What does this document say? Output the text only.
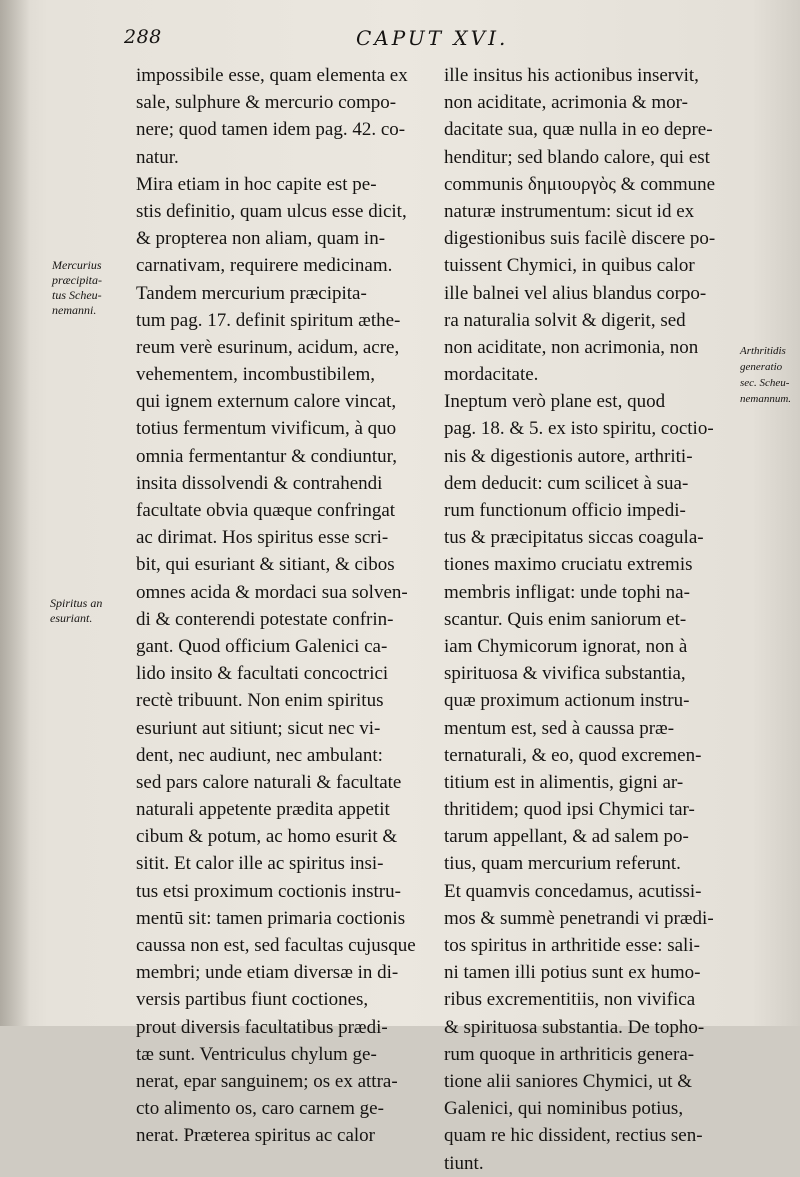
288	CAPUT XVI.
Mercurius
præcipita-
tus Scheu-
nemanni.
Spiritus an
esuriant.
Arthritidis
generatio
sec. Scheu-
nemannum.
impossibile esse, quam elementa ex
sale, sulphure & mercurio compo-
nere; quod tamen idem pag. 42. co-
natur.
Mira etiam in hoc capite est pe-
stis definitio, quam ulcus esse dicit,
& propterea non aliam, quam in-
carnativam, requirere medicinam.
Tandem mercurium præcipita-
tum pag. 17. definit spiritum æthe-
reum verè esurinum, acidum, acre,
vehementem, incombustibilem,
qui ignem externum calore vincat,
totius fermentum vivificum, à quo
omnia fermentantur & condiuntur,
insita dissolvendi & contrahendi
facultate obvia quæque confringat
ac dirimat. Hos spiritus esse scri-
bit, qui esuriant & sitiant, & cibos
omnes acida & mordaci sua solven-
di & conterendi potestate confrin-
gant. Quod officium Galenici ca-
lido insito & facultati concoctrici
rectè tribuunt. Non enim spiritus
esuriunt aut sitiunt; sicut nec vi-
dent, nec audiunt, nec ambulant:
sed pars calore naturali & facultate
naturali appetente prædita appetit
cibum & potum, ac homo esurit &
sitit. Et calor ille ac spiritus insi-
tus etsi proximum coctionis instru-
mentū sit: tamen primaria coctionis
caussa non est, sed facultas cujusque
membri; unde etiam diversæ in di-
versis partibus fiunt coctiones,
prout diversis facultatibus prædi-
tæ sunt. Ventriculus chylum ge-
nerat, epar sanguinem; os ex attra-
cto alimento os, caro carnem ge-
nerat. Præterea spiritus ac calor
ille insitus his actionibus inservit,
non aciditate, acrimonia & mor-
dacitate sua, quæ nulla in eo depre-
henditur; sed blando calore, qui est
communis δημιουργὸς & commune
naturæ instrumentum: sicut id ex
digestionibus suis facilè discere po-
tuissent Chymici, in quibus calor
ille balnei vel alius blandus corpo-
ra naturalia solvit & digerit, sed
non aciditate, non acrimonia, non
mordacitate.
Ineptum verò plane est, quod
pag. 18. & 5. ex isto spiritu, coctio-
nis & digestionis autore, arthriti-
dem deducit: cum scilicet à sua-
rum functionum officio impedi-
tus & præcipitatus siccas coagula-
tiones maximo cruciatu extremis
membris infligat: unde tophi na-
scantur. Quis enim saniorum et-
iam Chymicorum ignorat, non à
spirituosa & vivifica substantia,
quæ proximum actionum instru-
mentum est, sed à caussa præ-
ternaturali, & eo, quod excremen-
titium est in alimentis, gigni ar-
thritidem; quod ipsi Chymici tar-
tarum appellant, & ad salem po-
tius, quam mercurium referunt.
Et quamvis concedamus, acutissi-
mos & summè penetrandi vi prædi-
tos spiritus in arthritide esse: sali-
ni tamen illi potius sunt ex humo-
ribus excrementitiis, non vivifica
& spirituosa substantia. De topho-
rum quoque in arthriticis genera-
tione alii saniores Chymici, ut &
Galenici, qui nominibus potius,
quam re hic dissident, rectius sen-
tiunt.
